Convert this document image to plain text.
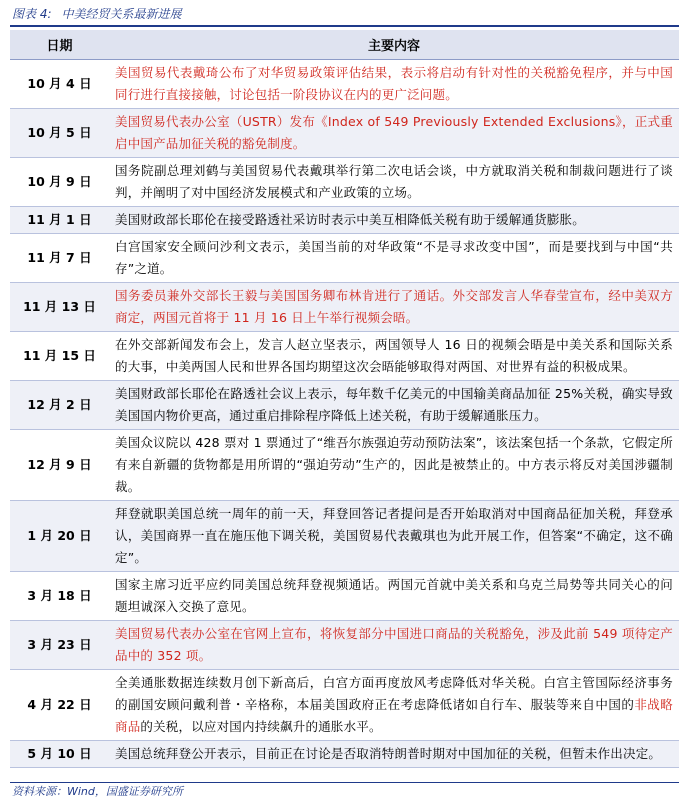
图表 4: 中美经贸关系最新进展
日期	主要内容
10 月 4 日	美国贸易代表戴琦公布了对华贸易政策评估结果，表示将启动有针对性的关税豁免程序，并与中国同行进行直接接触，讨论包括一阶段协议在内的更广泛问题。
10 月 5 日	美国贸易代表办公室（USTR）发布《Index of 549 Previously Extended Exclusions》，正式重启中国产品加征关税的豁免制度。
10 月 9 日	国务院副总理刘鹤与美国贸易代表戴琪举行第二次电话会谈，中方就取消关税和制裁问题进行了谈判，并阐明了对中国经济发展模式和产业政策的立场。
11 月 1 日	美国财政部长耶伦在接受路透社采访时表示中美互相降低关税有助于缓解通货膨胀。
11 月 7 日	白宫国家安全顾问沙利文表示，美国当前的对华政策“不是寻求改变中国”，而是要找到与中国“共存”之道。
11 月 13 日	国务委员兼外交部长王毅与美国国务卿布林肯进行了通话。外交部发言人华春莹宣布，经中美双方商定，两国元首将于 11 月 16 日上午举行视频会晤。
11 月 15 日	在外交部新闻发布会上，发言人赵立坚表示，两国领导人 16 日的视频会晤是中美关系和国际关系的大事，中美两国人民和世界各国均期望这次会晤能够取得对两国、对世界有益的积极成果。
12 月 2 日	美国财政部长耶伦在路透社会议上表示，每年数千亿美元的中国输美商品加征 25%关税，确实导致美国国内物价更高，通过重启排除程序降低上述关税，有助于缓解通胀压力。
12 月 9 日	美国众议院以 428 票对 1 票通过了“维吾尔族强迫劳动预防法案”，该法案包括一个条款，它假定所有来自新疆的货物都是用所谓的“强迫劳动”生产的，因此是被禁止的。中方表示将反对美国涉疆制裁。
1 月 20 日	拜登就职美国总统一周年的前一天，拜登回答记者提问是否开始取消对中国商品征加关税，拜登承认，美国商界一直在施压他下调关税，美国贸易代表戴琪也为此开展工作，但答案“不确定，这不确定”。
3 月 18 日	国家主席习近平应约同美国总统拜登视频通话。两国元首就中美关系和乌克兰局势等共同关心的问题坦诚深入交换了意见。
3 月 23 日	美国贸易代表办公室在官网上宣布，将恢复部分中国进口商品的关税豁免，涉及此前 549 项待定产品中的 352 项。
4 月 22 日	全美通胀数据连续数月创下新高后，白宫方面再度放风考虑降低对华关税。白宫主管国际经济事务的副国安顾问戴利普・辛格称，本届美国政府正在考虑降低诸如自行车、服装等来自中国的非战略商品的关税，以应对国内持续飙升的通胀水平。
5 月 10 日	美国总统拜登公开表示，目前正在讨论是否取消特朗普时期对中国加征的关税，但暂未作出决定。
资料来源：Wind，国盛证券研究所
